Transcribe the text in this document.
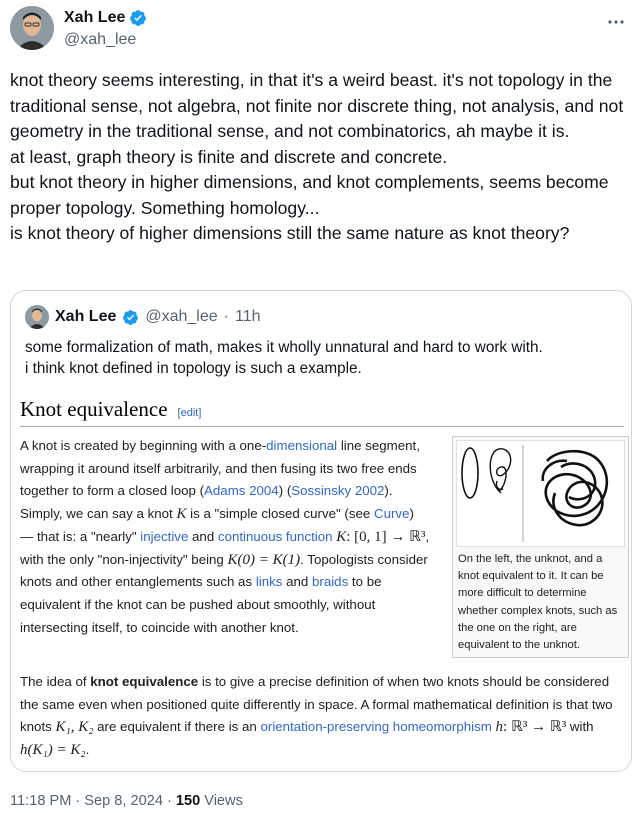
Xah Lee
@xah_lee

knot theory seems interesting, in that it's a weird beast. it's not topology in the traditional sense, not algebra, not finite nor discrete thing, not analysis, and not geometry in the traditional sense, and not combinatorics, ah maybe it is.

at least, graph theory is finite and discrete and concrete.

but knot theory in higher dimensions, and knot complements, seems become proper topology. Something homology...

is knot theory of higher dimensions still the same nature as knot theory?

Xah Lee @xah_lee · 11h

some formalization of math, makes it wholly unnatural and hard to work with.

i think knot defined in topology is such a example.

Knot equivalence [edit]
A knot is created by beginning with a one-dimensional line segment, wrapping it around itself arbitrarily, and then fusing its two free ends together to form a closed loop (Adams 2004) (Sossinsky 2002). Simply, we can say a knot K is a "simple closed curve" (see Curve) — that is: a "nearly" injective and continuous function K: [0, 1] → ℝ³, with the only "non-injectivity" being K(0) = K(1). Topologists consider knots and other entanglements such as links and braids to be equivalent if the knot can be pushed about smoothly, without intersecting itself, to coincide with another knot.
On the left, the unknot, and a knot equivalent to it. It can be more difficult to determine whether complex knots, such as the one on the right, are equivalent to the unknot.
The idea of knot equivalence is to give a precise definition of when two knots should be considered the same even when positioned quite differently in space. A formal mathematical definition is that two knots K₁, K₂ are equivalent if there is an orientation-preserving homeomorphism h: ℝ³ → ℝ³ with h(K₁) = K₂.
11:18 PM · Sep 8, 2024 · 150 Views
